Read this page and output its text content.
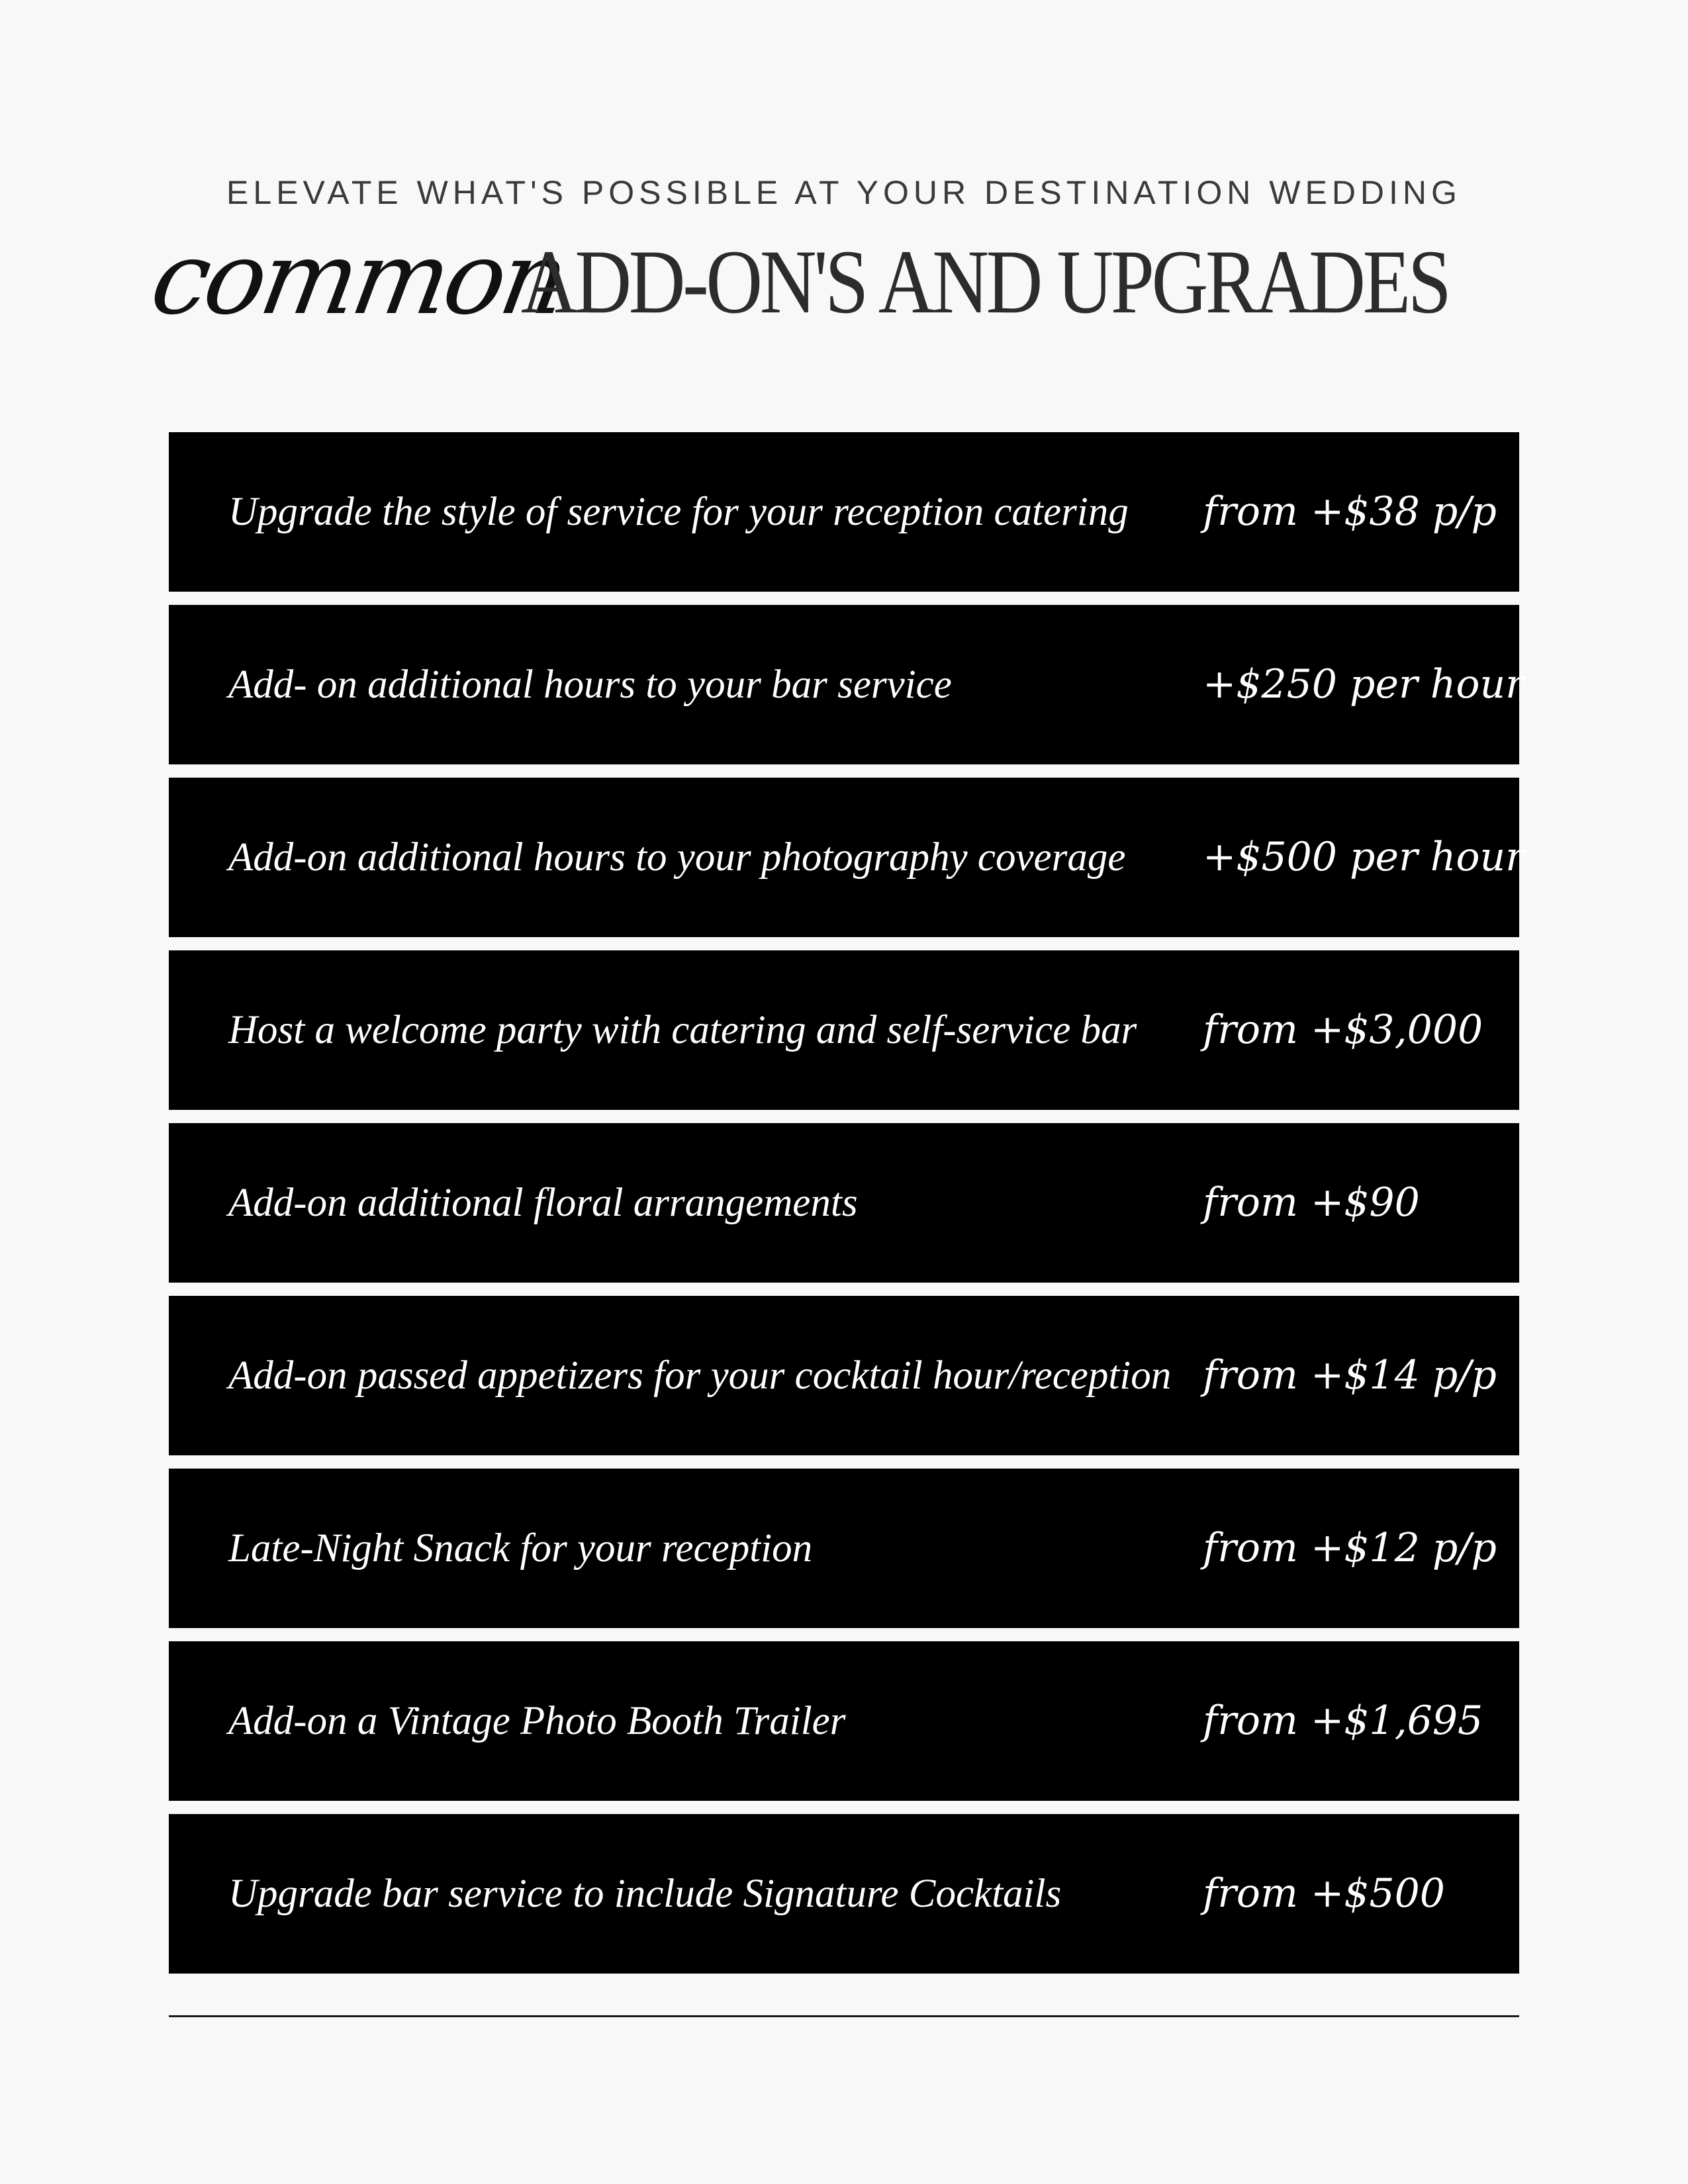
ELEVATE WHAT'S POSSIBLE AT YOUR DESTINATION WEDDING
common
ADD-ON'S AND UPGRADES
Upgrade the style of service for your reception catering from +$38 p/p
Add- on additional hours to your bar service	+$250 per hour
Add-on additional hours to your photography coverage +$500 per hour
Host a welcome party with catering and self-service bar from +$3,000
Add-on additional floral arrangements	from +$90
Add-on passed appetizers for your cocktail hour/reception from +$14 p/p
Late-Night Snack for your reception	from +$12 p/p
Add-on a Vintage Photo Booth Trailer	from +$1,695
Upgrade bar service to include Signature Cocktails	from +$500
